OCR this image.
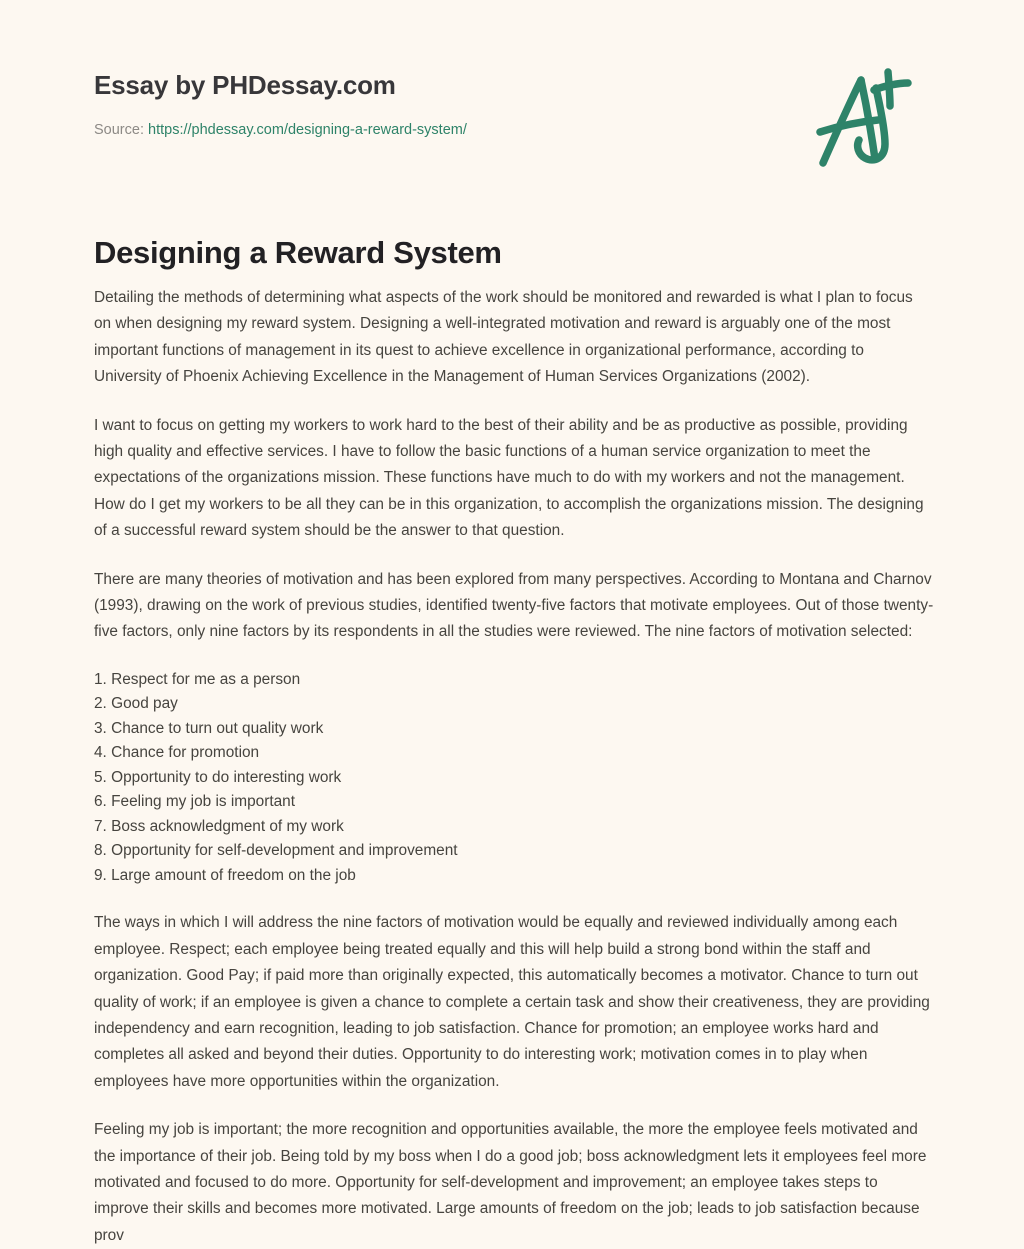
Essay by PHDessay.com
Source: https://phdessay.com/designing-a-reward-system/
Designing a Reward System

Detailing the methods of determining what aspects of the work should be monitored and rewarded is what I plan to focus on when designing my reward system. Designing a well-integrated motivation and reward is arguably one of the most important functions of management in its quest to achieve excellence in organizational performance, according to University of Phoenix Achieving Excellence in the Management of Human Services Organizations (2002).

I want to focus on getting my workers to work hard to the best of their ability and be as productive as possible, providing high quality and effective services. I have to follow the basic functions of a human service organization to meet the expectations of the organizations mission. These functions have much to do with my workers and not the management. How do I get my workers to be all they can be in this organization, to accomplish the organizations mission. The designing of a successful reward system should be the answer to that question.

There are many theories of motivation and has been explored from many perspectives. According to Montana and Charnov (1993), drawing on the work of previous studies, identified twenty-five factors that motivate employees. Out of those twenty-five factors, only nine factors by its respondents in all the studies were reviewed. The nine factors of motivation selected:

1. Respect for me as a person
2. Good pay
3. Chance to turn out quality work
4. Chance for promotion
5. Opportunity to do interesting work
6. Feeling my job is important
7. Boss acknowledgment of my work
8. Opportunity for self-development and improvement
9. Large amount of freedom on the job

The ways in which I will address the nine factors of motivation would be equally and reviewed individually among each employee. Respect; each employee being treated equally and this will help build a strong bond within the staff and organization. Good Pay; if paid more than originally expected, this automatically becomes a motivator. Chance to turn out quality of work; if an employee is given a chance to complete a certain task and show their creativeness, they are providing independency and earn recognition, leading to job satisfaction. Chance for promotion; an employee works hard and completes all asked and beyond their duties. Opportunity to do interesting work; motivation comes in to play when employees have more opportunities within the organization.

Feeling my job is important; the more recognition and opportunities available, the more the employee feels motivated and the importance of their job. Being told by my boss when I do a good job; boss acknowledgment lets it employees feel more motivated and focused to do more. Opportunity for self-development and improvement; an employee takes steps to improve their skills and becomes more motivated. Large amounts of freedom on the job; leads to job satisfaction because prov
